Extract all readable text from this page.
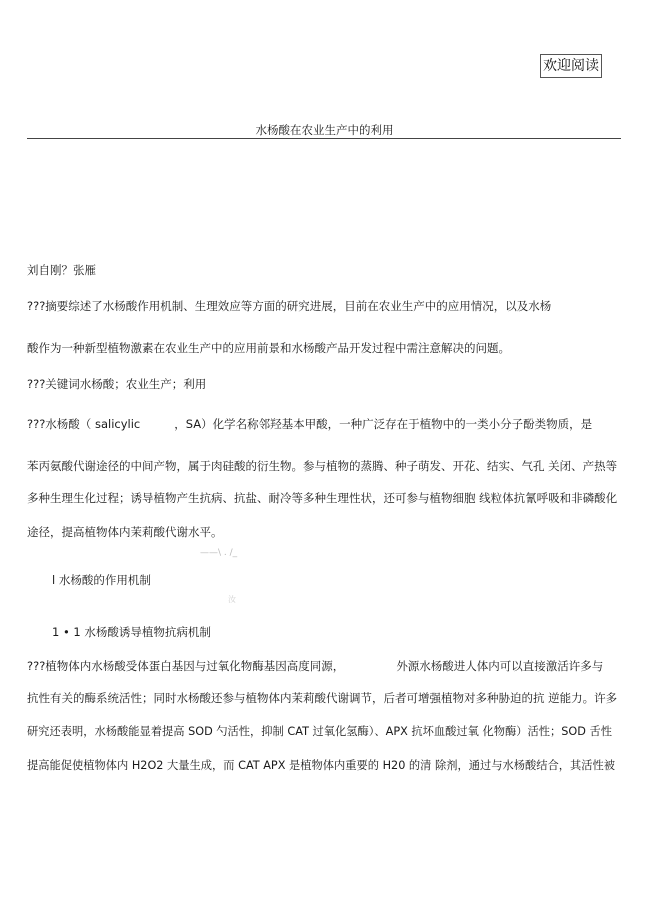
欢迎阅读
水杨酸在农业生产中的利用
刘自刚？张雁
???摘要综述了水杨酸作用机制、生理效应等方面的研究进展，目前在农业生产中的应用情况，以及水杨
酸作为一种新型植物激素在农业生产中的应用前景和水杨酸产品开发过程中需注意解决的问题。
???关键词水杨酸；农业生产；利用
???水杨酸（ salicylic	，SA）化学名称邻羟基本甲酸，一种广泛存在于植物中的一类小分子酚类物质，是
苯丙氨酸代谢途径的中间产物，属于肉硅酸的衍生物。参与植物的蒸腾、种子萌发、开花、结实、气孔 关闭、产热等
多种生理生化过程；诱导植物产生抗病、抗盐、耐冷等多种生理性状，还可参与植物细胞 线粒体抗氰呼吸和非磷酸化
途径，提高植物体内茉莉酸代谢水平。
——\ . /_
l 水杨酸的作用机制
汝
1 • 1 水杨酸诱导植物抗病机制
???植物体内水杨酸受体蛋白基因与过氧化物酶基因高度同源，	外源水杨酸进人体内可以直接激活许多与
抗性有关的酶系统活性；同时水杨酸还参与植物体内茉莉酸代谢调节，后者可增强植物对多种胁迫的抗 逆能力。许多
研究还表明，水杨酸能显着提高 SOD 勺活性，抑制 CAT 过氧化氢酶）、APX 抗坏血酸过氧 化物酶）活性；SOD 舌性
提高能促使植物体内 H2O2 大量生成，而 CAT APX 是植物体内重要的 H20 的清 除剂，通过与水杨酸结合，其活性被
